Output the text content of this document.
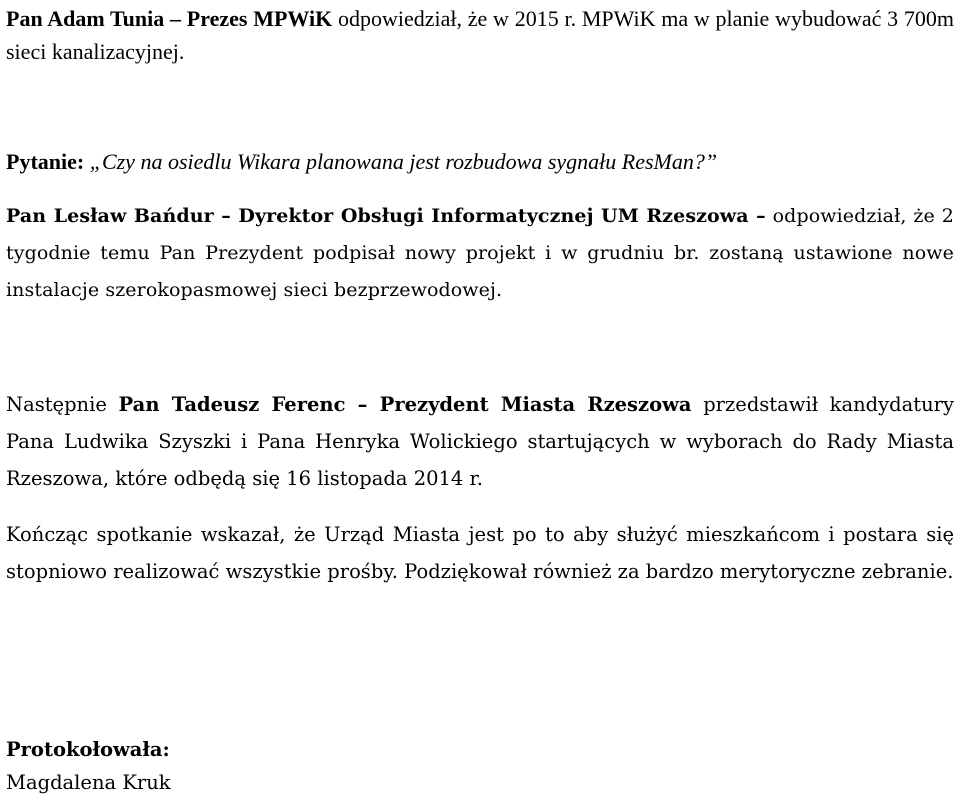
Pan Adam Tunia – Prezes MPWiK odpowiedział, że w 2015 r. MPWiK ma w planie wybudować 3 700m sieci kanalizacyjnej.

Pytanie: „Czy na osiedlu Wikara planowana jest rozbudowa sygnału ResMan?”

Pan Lesław Bańdur – Dyrektor Obsługi Informatycznej UM Rzeszowa – odpowiedział, że 2 tygodnie temu Pan Prezydent podpisał nowy projekt i w grudniu br. zostaną ustawione nowe instalacje szerokopasmowej sieci bezprzewodowej.

Następnie Pan Tadeusz Ferenc – Prezydent Miasta Rzeszowa przedstawił kandydatury Pana Ludwika Szyszki i Pana Henryka Wolickiego startujących w wyborach do Rady Miasta Rzeszowa, które odbędą się 16 listopada 2014 r.

Kończąc spotkanie wskazał, że Urząd Miasta jest po to aby służyć mieszkańcom i postara się stopniowo realizować wszystkie prośby. Podziękował również za bardzo merytoryczne zebranie.

Protokołowała:

Magdalena Kruk
